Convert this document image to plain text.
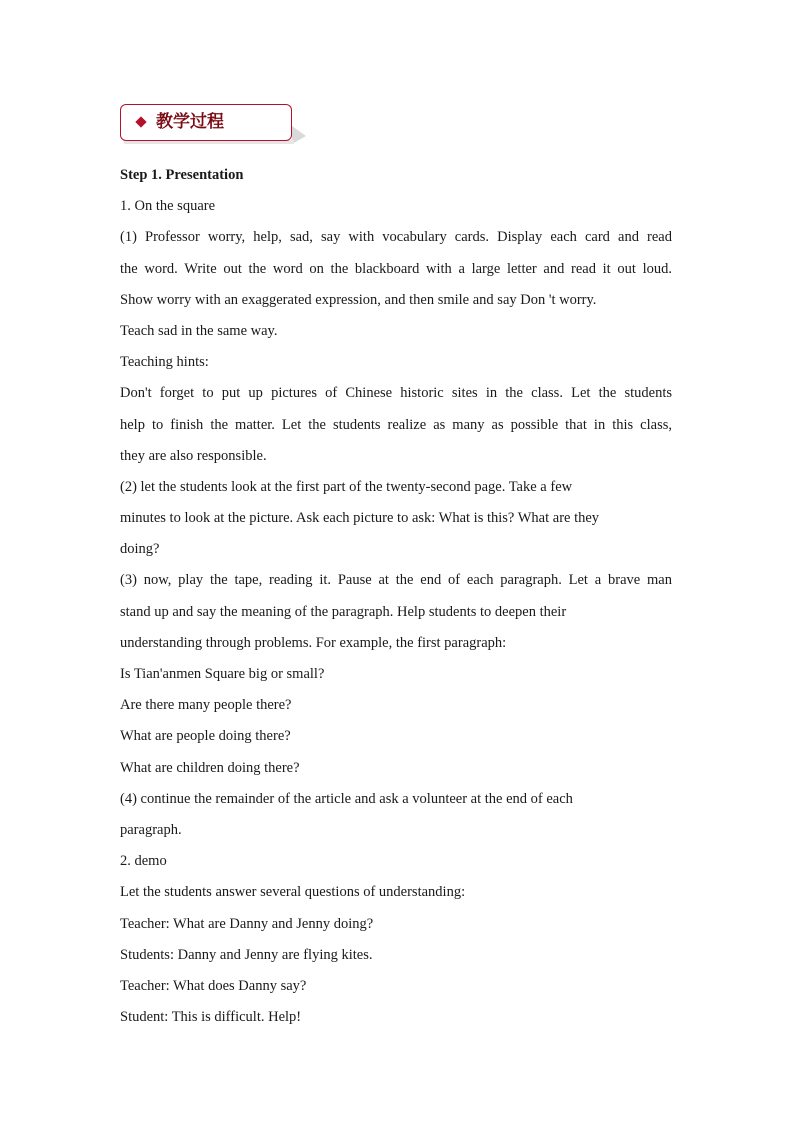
教学过程
Step 1. Presentation
1. On the square
(1) Professor worry, help, sad, say with vocabulary cards. Display each card and read
the word. Write out the word on the blackboard with a large letter and read it out loud.
Show worry with an exaggerated expression, and then smile and say Don 't worry.
Teach sad in the same way.
Teaching hints:
Don't forget to put up pictures of Chinese historic sites in the class. Let the students
help to finish the matter. Let the students realize as many as possible that in this class,
they are also responsible.
(2) let the students look at the first part of the twenty-second page. Take a few
minutes to look at the picture. Ask each picture to ask: What is this? What are they
doing?
(3) now, play the tape, reading it. Pause at the end of each paragraph. Let a brave man
stand up and say the meaning of the paragraph. Help students to deepen their
understanding through problems. For example, the first paragraph:
Is Tian'anmen Square big or small?
Are there many people there?
What are people doing there?
What are children doing there?
(4) continue the remainder of the article and ask a volunteer at the end of each
paragraph.
2. demo
Let the students answer several questions of understanding:
Teacher: What are Danny and Jenny doing?
Students: Danny and Jenny are flying kites.
Teacher: What does Danny say?
Student: This is difficult. Help!
